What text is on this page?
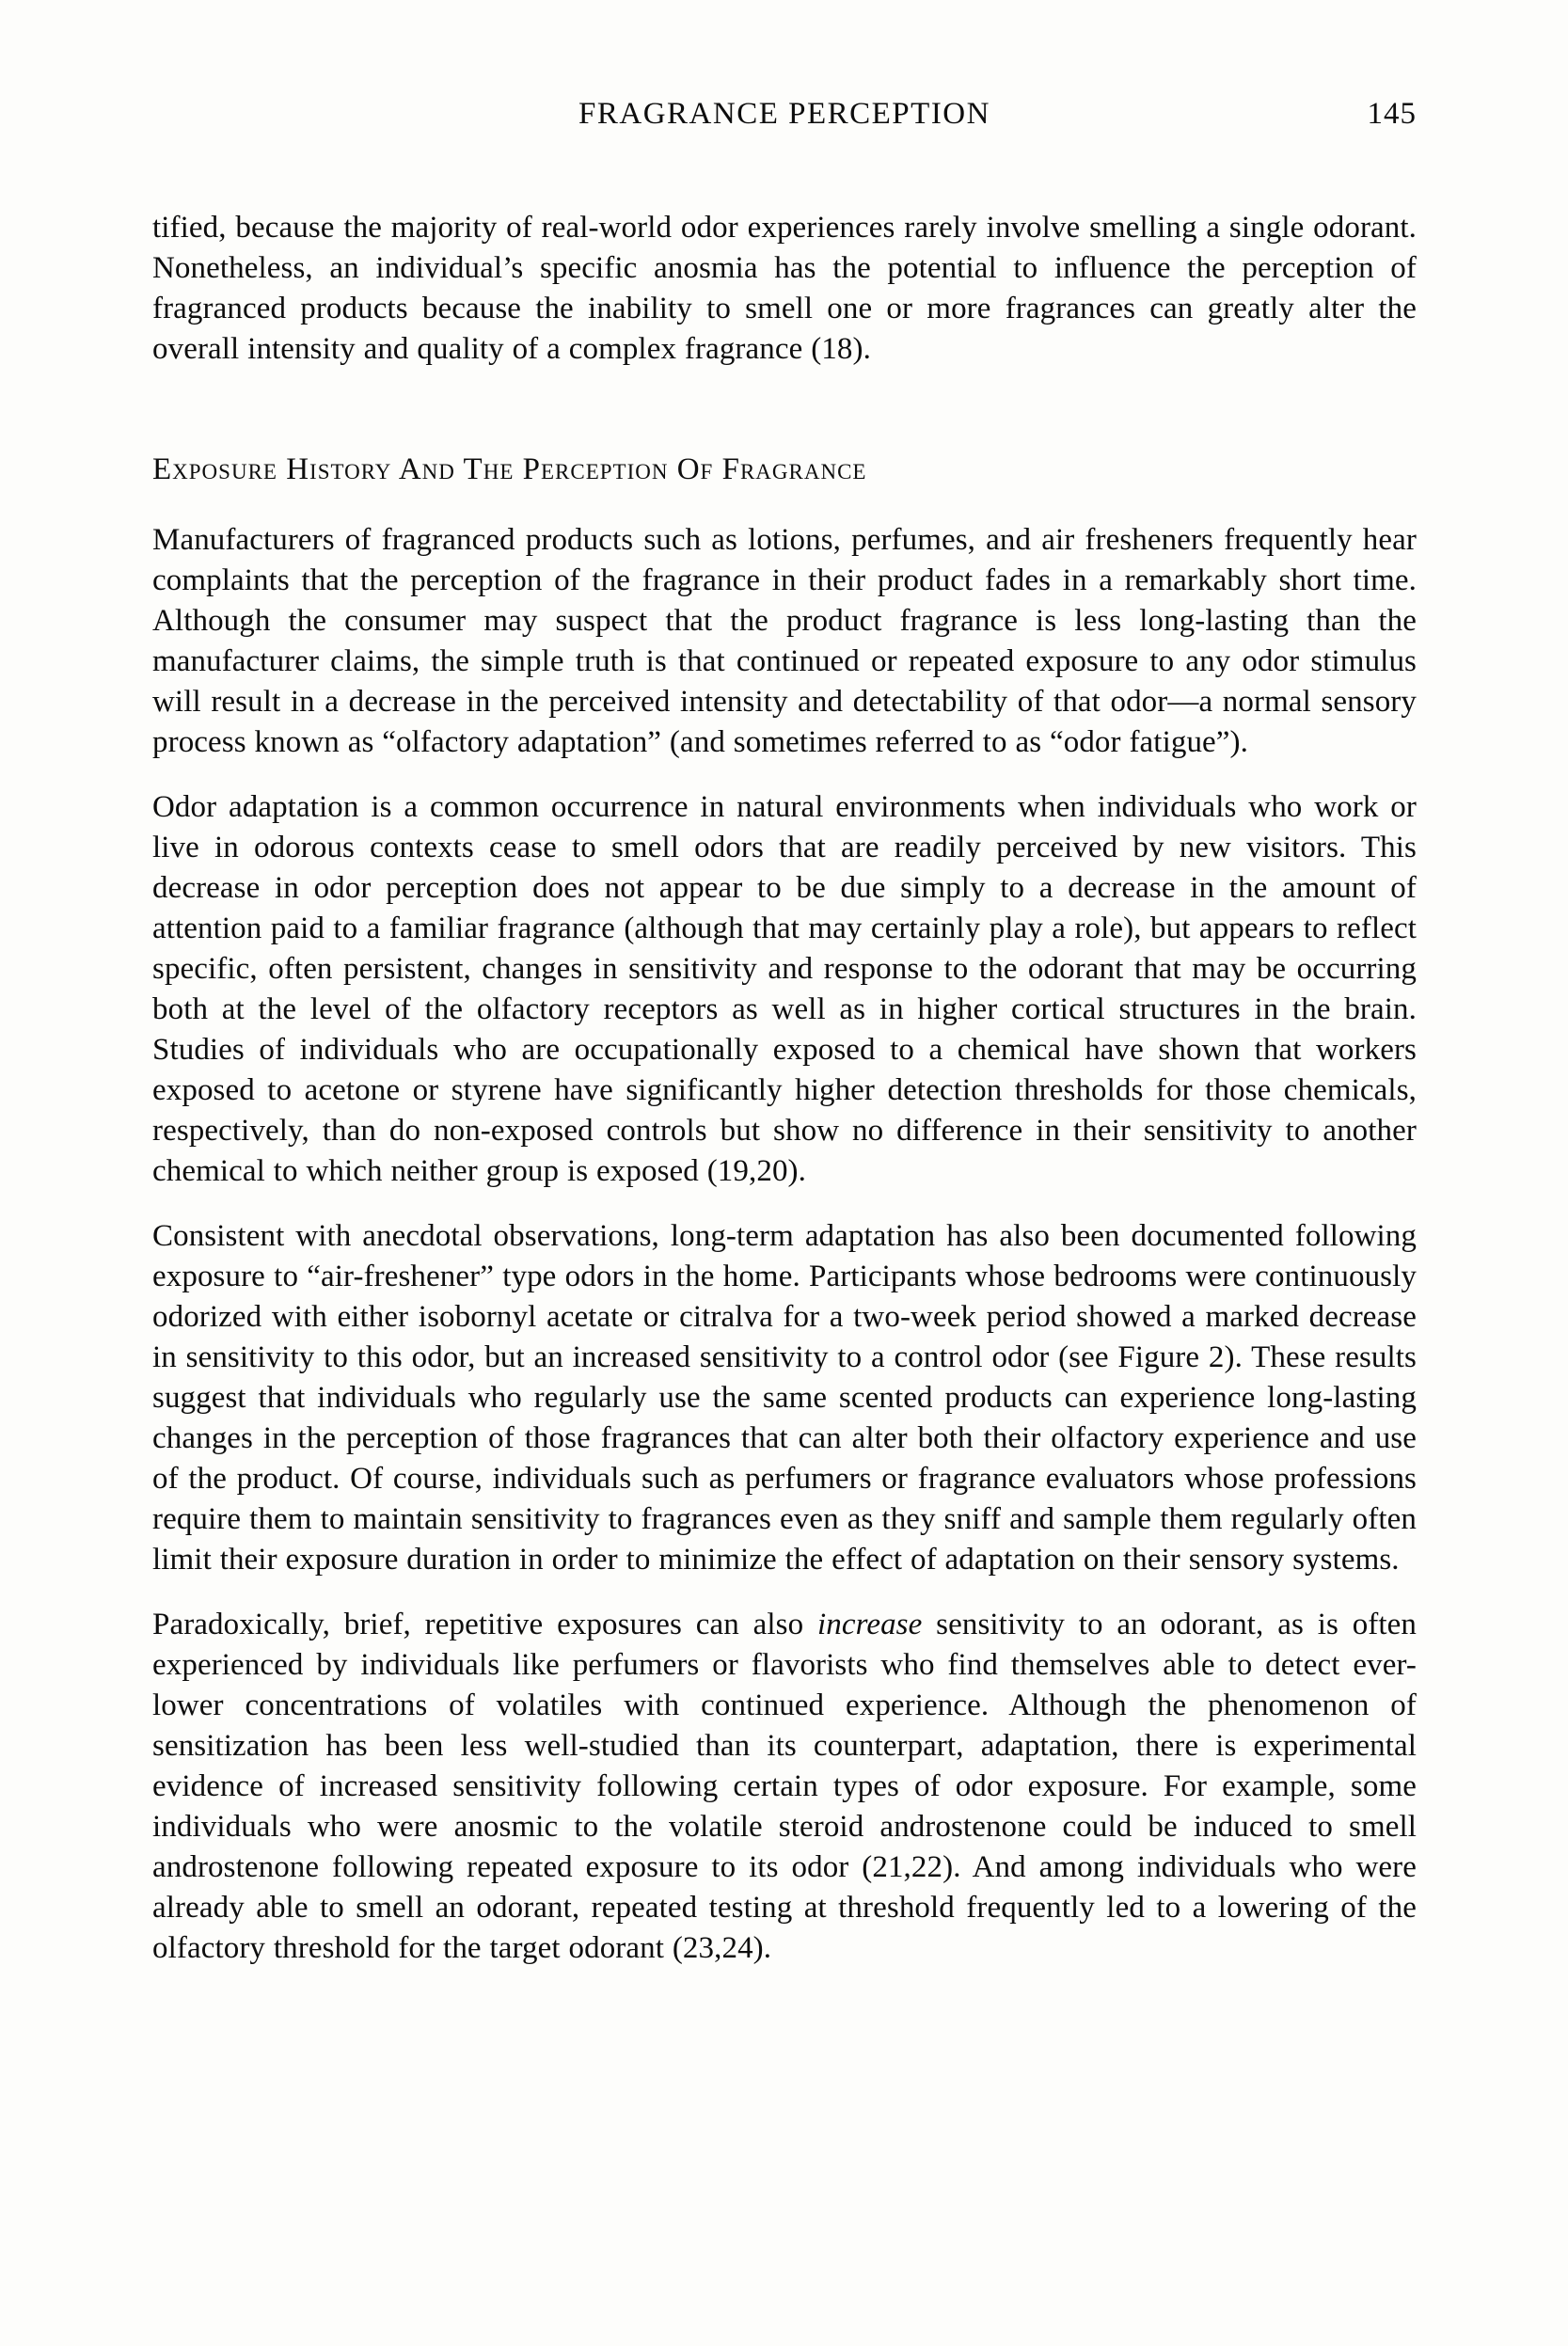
FRAGRANCE PERCEPTION	145

tified, because the majority of real-world odor experiences rarely involve smelling a single odorant. Nonetheless, an individual’s specific anosmia has the potential to influence the perception of fragranced products because the inability to smell one or more fragrances can greatly alter the overall intensity and quality of a complex fragrance (18).

Exposure History And The Perception Of Fragrance

Manufacturers of fragranced products such as lotions, perfumes, and air fresheners frequently hear complaints that the perception of the fragrance in their product fades in a remarkably short time. Although the consumer may suspect that the product fragrance is less long-lasting than the manufacturer claims, the simple truth is that continued or repeated exposure to any odor stimulus will result in a decrease in the perceived intensity and detectability of that odor—a normal sensory process known as “olfactory adaptation” (and sometimes referred to as “odor fatigue”).

Odor adaptation is a common occurrence in natural environments when individuals who work or live in odorous contexts cease to smell odors that are readily perceived by new visitors. This decrease in odor perception does not appear to be due simply to a decrease in the amount of attention paid to a familiar fragrance (although that may certainly play a role), but appears to reflect specific, often persistent, changes in sensitivity and response to the odorant that may be occurring both at the level of the olfactory receptors as well as in higher cortical structures in the brain. Studies of individuals who are occupationally exposed to a chemical have shown that workers exposed to acetone or styrene have significantly higher detection thresholds for those chemicals, respectively, than do non-exposed controls but show no difference in their sensitivity to another chemical to which neither group is exposed (19,20).

Consistent with anecdotal observations, long-term adaptation has also been documented following exposure to “air-freshener” type odors in the home. Participants whose bedrooms were continuously odorized with either isobornyl acetate or citralva for a two-week period showed a marked decrease in sensitivity to this odor, but an increased sensitivity to a control odor (see Figure 2). These results suggest that individuals who regularly use the same scented products can experience long-lasting changes in the perception of those fragrances that can alter both their olfactory experience and use of the product. Of course, individuals such as perfumers or fragrance evaluators whose professions require them to maintain sensitivity to fragrances even as they sniff and sample them regularly often limit their exposure duration in order to minimize the effect of adaptation on their sensory systems.

Paradoxically, brief, repetitive exposures can also increase sensitivity to an odorant, as is often experienced by individuals like perfumers or flavorists who find themselves able to detect ever-lower concentrations of volatiles with continued experience. Although the phenomenon of sensitization has been less well-studied than its counterpart, adaptation, there is experimental evidence of increased sensitivity following certain types of odor exposure. For example, some individuals who were anosmic to the volatile steroid androstenone could be induced to smell androstenone following repeated exposure to its odor (21,22). And among individuals who were already able to smell an odorant, repeated testing at threshold frequently led to a lowering of the olfactory threshold for the target odorant (23,24).
